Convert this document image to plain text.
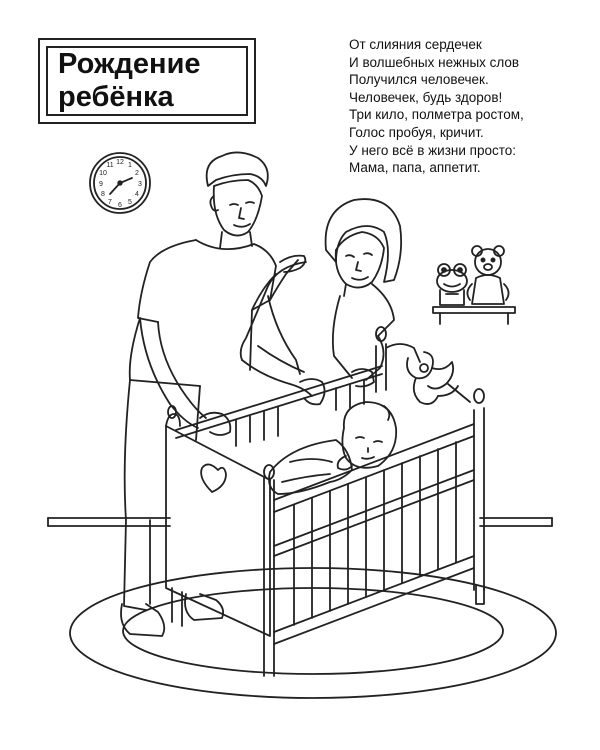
Рождение
ребёнка
От слияния сердечек
И волшебных нежных слов
Получился человечек.
Человечек, будь здоров!
Три кило, полметра ростом,
Голос пробуя, кричит.
У него всё в жизни просто:
Мама, папа, аппетит.
12 1
2
3
4
5
6
7
8
9
10
11
